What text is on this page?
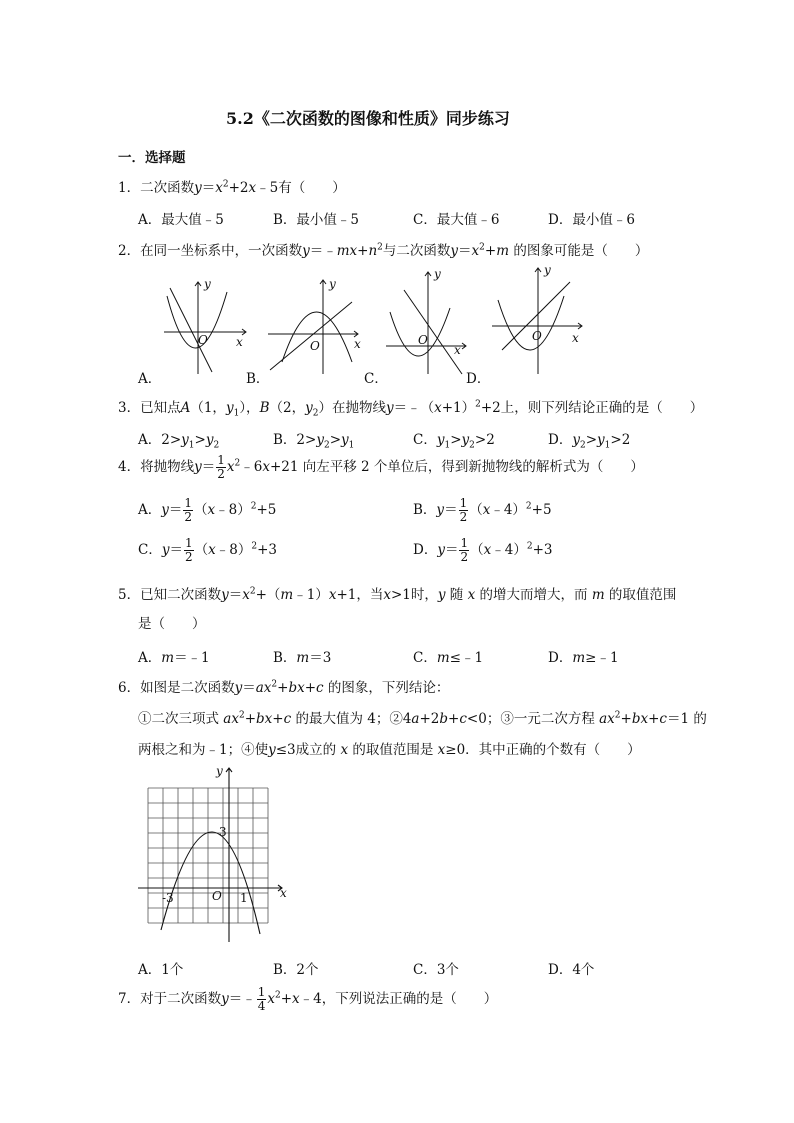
5.2《二次函数的图像和性质》同步练习
一．选择题
1．二次函数$y=x^2+2x﹣5$有（　　）
A．最大值﹣5	B．最小值﹣5	C．最大值﹣6	D．最小值﹣6
2．在同一坐标系中，一次函数$y=﹣mx+n^2$与二次函数$y=x^2+m$ 的图象可能是（　　）
y
x
O
y
x
O
y
x
O
y
x
O
A．	B．	C．	D．
3．已知点A（1，$y_1$），B（2，$y_2$）在抛物线$y=﹣(x+1)^2+2$上，则下列结论正确的是（　　）
A．$2>y_1>y_2$	B．$2>y_2>y_1$	C．$y_1>y_2>2$	D．$y_2>y_1>2$
4．将抛物线$y= \frac{1}{2}$ $x^2﹣6x+21$ 向左平移 2 个单位后，得到新抛物线的解析式为（　　）
A．$y= \frac{1}{2}$ （x﹣8）$^2$+5	B．$y= \frac{1}{2}$ （x﹣4）$^2$+5
C．$y= \frac{1}{2}$ （x﹣8）$^2$+3	D．$y= \frac{1}{2}$ （x﹣4）$^2$+3
5．已知二次函数$y=x^2+(m﹣1)x+1$，当x>1时，y 随 x 的增大而增大，而 m 的取值范围
是（　　）
A．m＝﹣1	B．m＝3	C．m≤﹣1	D．m≥﹣1
6．如图是二次函数$y=ax^2+bx+c$ 的图象，下列结论：
①二次三项式 $ax^2+bx+c$ 的最大值为 4；②4a+2b+c<0；③一元二次方程 $ax^2+bx+c=1$ 的
两根之和为﹣1；④使y≤3成立的 x 的取值范围是 x≥0．其中正确的个数有（　　）
y
x
O
3
-3	1
A．1个	B．2个	C．3个	D．4个
7．对于二次函数y＝﹣ $\frac{1}{4}$ $x^2+x﹣4$，下列说法正确的是（　　）
